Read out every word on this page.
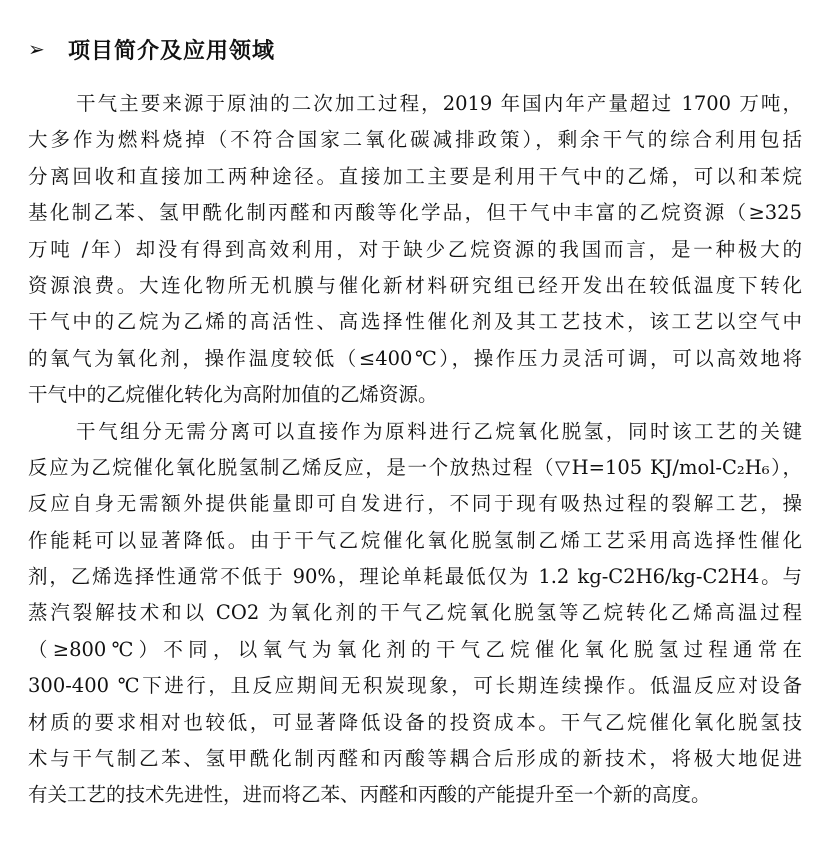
➢	项目简介及应用领域
干气主要来源于原油的二次加工过程，2019 年国内年产量超过 1700 万吨，
大多作为燃料烧掉（不符合国家二氧化碳减排政策），剩余干气的综合利用包括
分离回收和直接加工两种途径。直接加工主要是利用干气中的乙烯，可以和苯烷
基化制乙苯、氢甲酰化制丙醛和丙酸等化学品，但干气中丰富的乙烷资源（≥325
万吨 /年）却没有得到高效利用，对于缺少乙烷资源的我国而言，是一种极大的
资源浪费。大连化物所无机膜与催化新材料研究组已经开发出在较低温度下转化
干气中的乙烷为乙烯的高活性、高选择性催化剂及其工艺技术，该工艺以空气中
的氧气为氧化剂，操作温度较低（≤400℃），操作压力灵活可调，可以高效地将
干气中的乙烷催化转化为高附加值的乙烯资源。
干气组分无需分离可以直接作为原料进行乙烷氧化脱氢，同时该工艺的关键
反应为乙烷催化氧化脱氢制乙烯反应，是一个放热过程（▽H=105 KJ/mol-C₂H₆），
反应自身无需额外提供能量即可自发进行，不同于现有吸热过程的裂解工艺，操
作能耗可以显著降低。由于干气乙烷催化氧化脱氢制乙烯工艺采用高选择性催化
剂，乙烯选择性通常不低于 90%，理论单耗最低仅为 1.2 kg-C2H6/kg-C2H4。与
蒸汽裂解技术和以 CO2 为氧化剂的干气乙烷氧化脱氢等乙烷转化乙烯高温过程
（≥800℃）不同，以氧气为氧化剂的干气乙烷催化氧化脱氢过程通常在
300-400 ℃下进行，且反应期间无积炭现象，可长期连续操作。低温反应对设备
材质的要求相对也较低，可显著降低设备的投资成本。干气乙烷催化氧化脱氢技
术与干气制乙苯、氢甲酰化制丙醛和丙酸等耦合后形成的新技术，将极大地促进
有关工艺的技术先进性，进而将乙苯、丙醛和丙酸的产能提升至一个新的高度。
